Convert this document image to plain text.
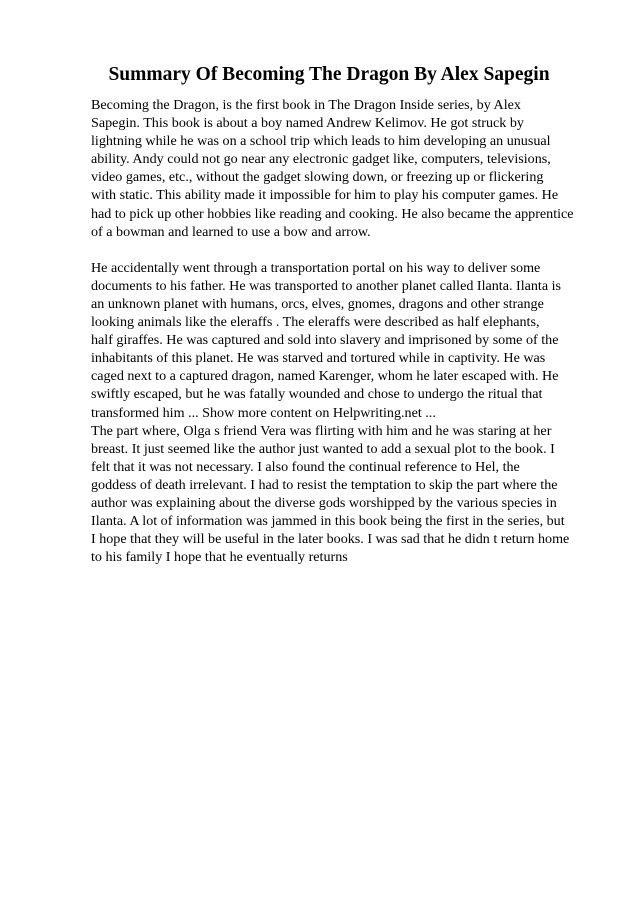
Summary Of Becoming The Dragon By Alex Sapegin

Becoming the Dragon, is the first book in The Dragon Inside series, by Alex
Sapegin. This book is about a boy named Andrew Kelimov. He got struck by
lightning while he was on a school trip which leads to him developing an unusual
ability. Andy could not go near any electronic gadget like, computers, televisions,
video games, etc., without the gadget slowing down, or freezing up or flickering
with static. This ability made it impossible for him to play his computer games. He
had to pick up other hobbies like reading and cooking. He also became the apprentice
of a bowman and learned to use a bow and arrow.

He accidentally went through a transportation portal on his way to deliver some
documents to his father. He was transported to another planet called Ilanta. Ilanta is
an unknown planet with humans, orcs, elves, gnomes, dragons and other strange
looking animals like the eleraffs . The eleraffs were described as half elephants,
half giraffes. He was captured and sold into slavery and imprisoned by some of the
inhabitants of this planet. He was starved and tortured while in captivity. He was
caged next to a captured dragon, named Karenger, whom he later escaped with. He
swiftly escaped, but he was fatally wounded and chose to undergo the ritual that
transformed him ... Show more content on Helpwriting.net ...

The part where, Olga s friend Vera was flirting with him and he was staring at her
breast. It just seemed like the author just wanted to add a sexual plot to the book. I
felt that it was not necessary. I also found the continual reference to Hel, the
goddess of death irrelevant. I had to resist the temptation to skip the part where the
author was explaining about the diverse gods worshipped by the various species in
Ilanta. A lot of information was jammed in this book being the first in the series, but
I hope that they will be useful in the later books. I was sad that he didn t return home
to his family I hope that he eventually returns
